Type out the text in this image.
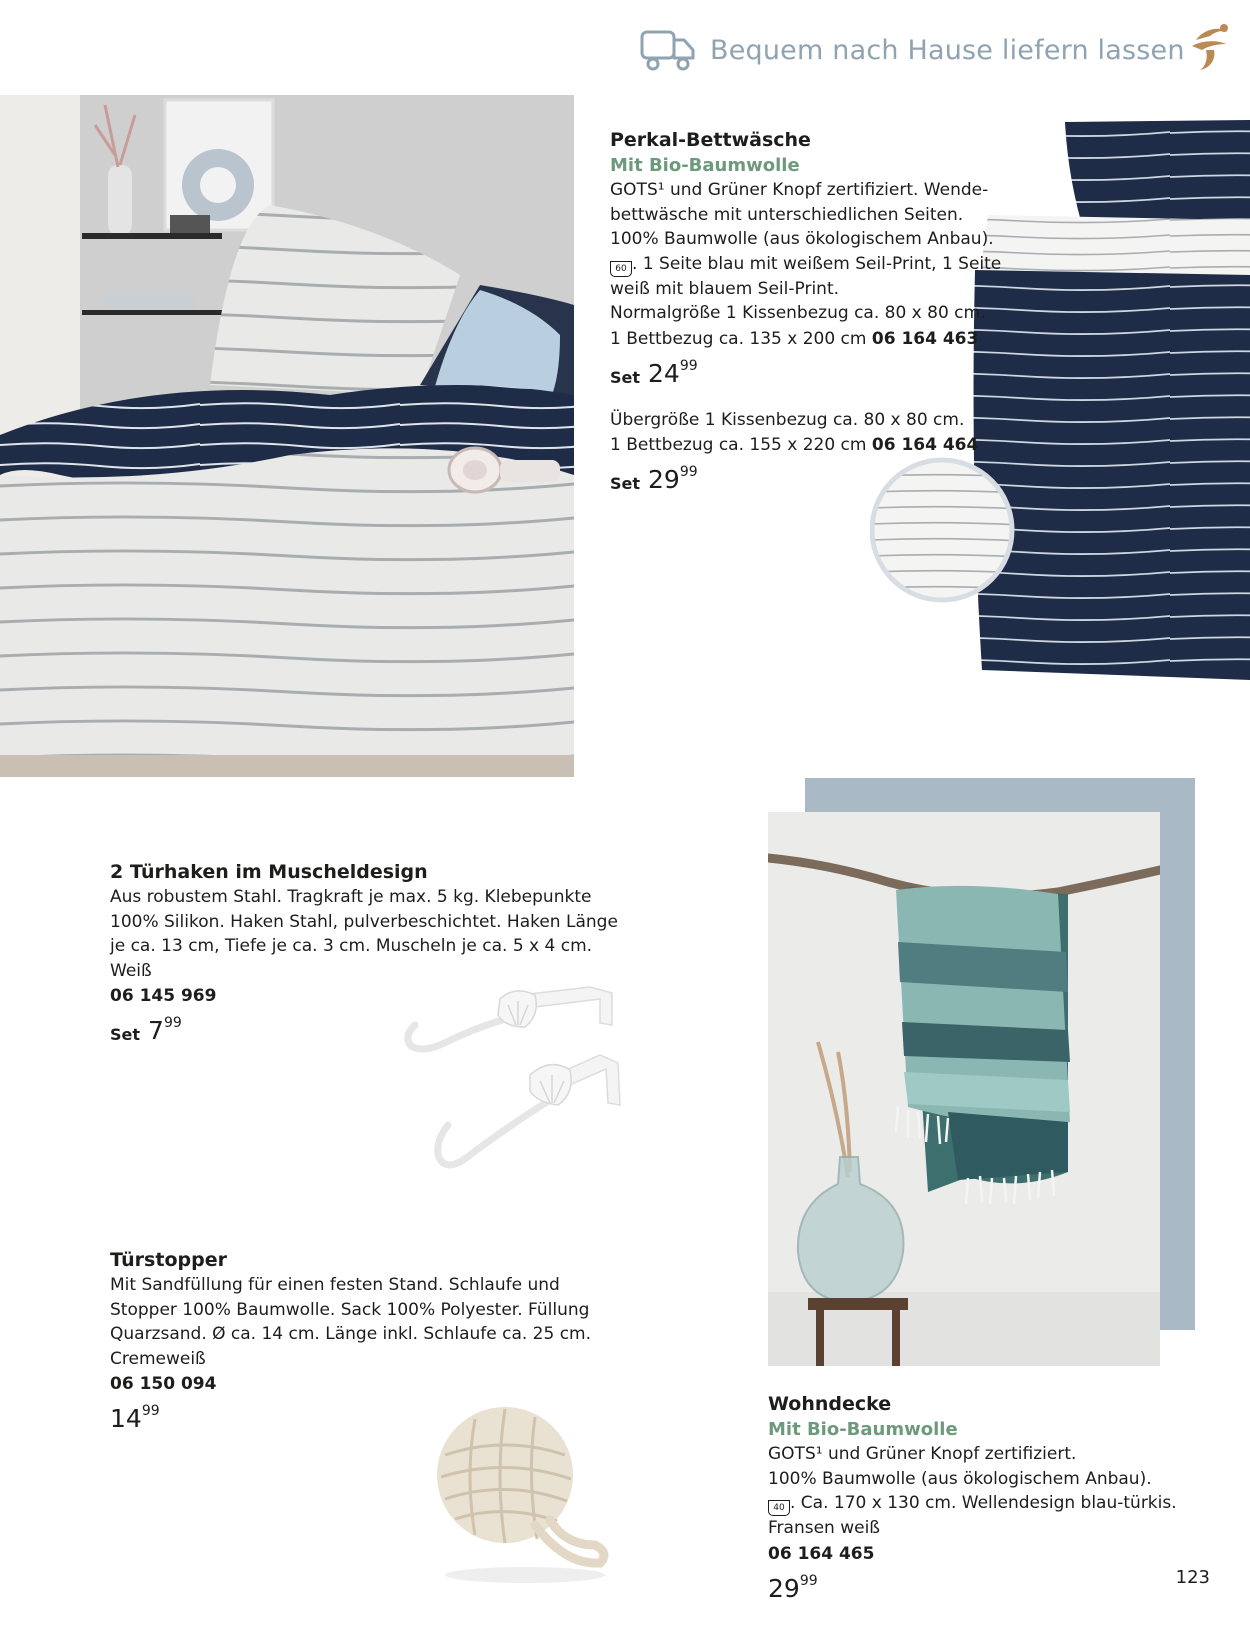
Bequem nach Hause liefern lassen
Perkal-Bettwäsche
Mit Bio-Baumwolle
GOTS¹ und Grüner Knopf zertifiziert. Wende-
bettwäsche mit unterschiedlichen Seiten.
100% Baumwolle (aus ökologischem Anbau).
60 . 1 Seite blau mit weißem Seil-Print, 1 Seite
weiß mit blauem Seil-Print.
Normalgröße 1 Kissenbezug ca. 80 x 80 cm.
1 Bettbezug ca. 135 x 200 cm 06 164 463
Set 24 99
Übergröße 1 Kissenbezug ca. 80 x 80 cm.
1 Bettbezug ca. 155 x 220 cm 06 164 464
Set 29 99
2 Türhaken im Muscheldesign
Aus robustem Stahl. Tragkraft je max. 5 kg. Klebepunkte
100% Silikon. Haken Stahl, pulverbeschichtet. Haken Länge
je ca. 13 cm, Tiefe je ca. 3 cm. Muscheln je ca. 5 x 4 cm.
Weiß
06 145 969
Set 7 99
Türstopper
Mit Sandfüllung für einen festen Stand. Schlaufe und
Stopper 100% Baumwolle. Sack 100% Polyester. Füllung
Quarzsand. Ø ca. 14 cm. Länge inkl. Schlaufe ca. 25 cm.
Cremeweiß
06 150 094
14 99	Wohndecke
Mit Bio-Baumwolle
GOTS¹ und Grüner Knopf zertifiziert.
100% Baumwolle (aus ökologischem Anbau).
40 . Ca. 170 x 130 cm. Wellendesign blau-türkis.
Fransen weiß
06 164 465
29 99	123
